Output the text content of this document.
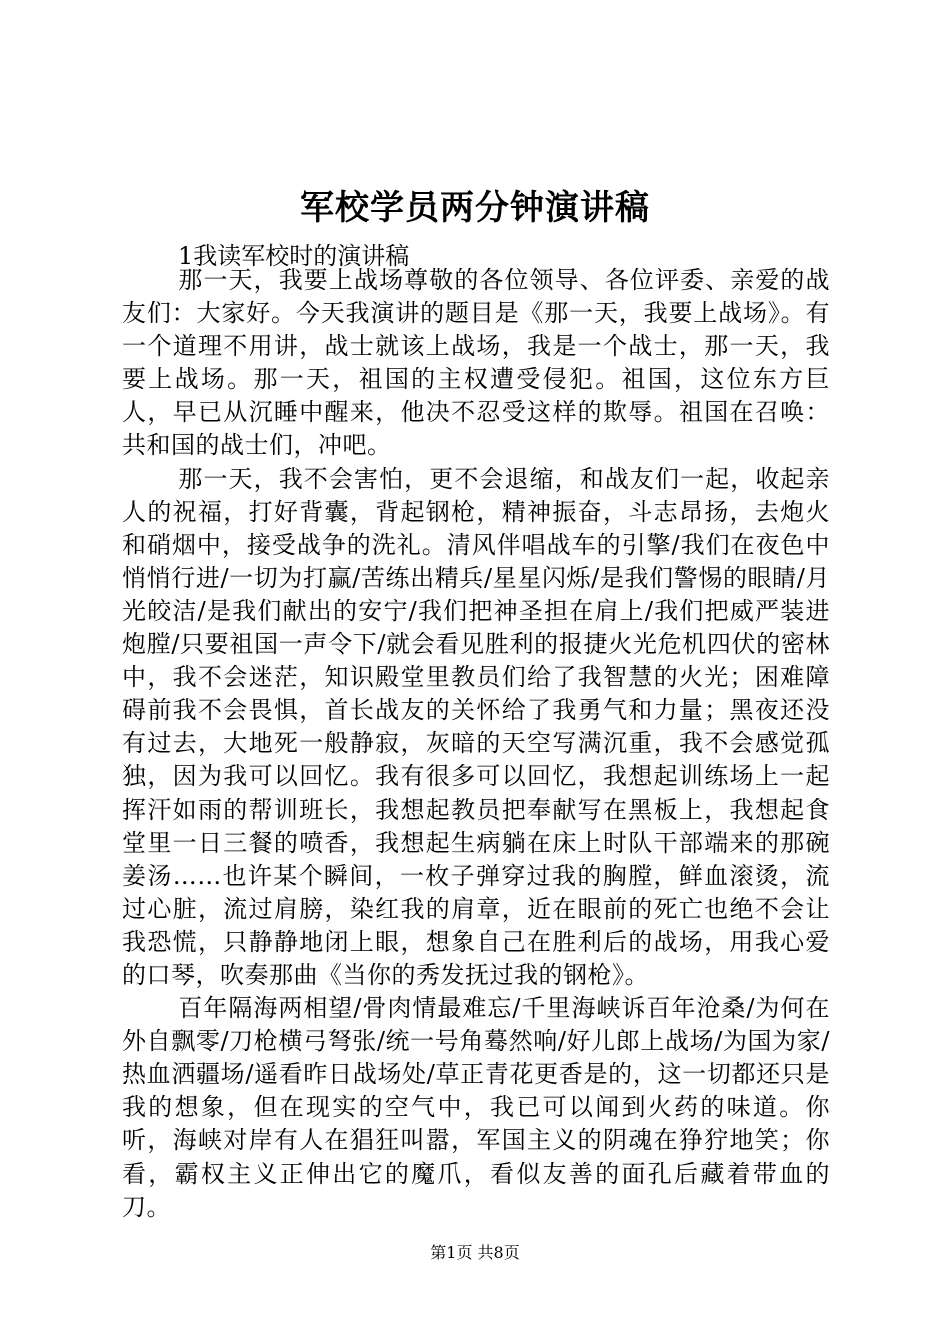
军校学员两分钟演讲稿
1我读军校时的演讲稿

那一天，我要上战场尊敬的各位领导、各位评委、亲爱的战友们：大家好。今天我演讲的题目是《那一天，我要上战场》。有一个道理不用讲，战士就该上战场，我是一个战士，那一天，我要上战场。那一天，祖国的主权遭受侵犯。祖国，这位东方巨人，早已从沉睡中醒来，他决不忍受这样的欺辱。祖国在召唤：共和国的战士们，冲吧。

那一天，我不会害怕，更不会退缩，和战友们一起，收起亲人的祝福，打好背囊，背起钢枪，精神振奋，斗志昂扬，去炮火和硝烟中，接受战争的洗礼。清风伴唱战车的引擎/我们在夜色中悄悄行进/一切为打赢/苦练出精兵/星星闪烁/是我们警惕的眼睛/月光皎洁/是我们献出的安宁/我们把神圣担在肩上/我们把威严装进炮膛/只要祖国一声令下/就会看见胜利的报捷火光危机四伏的密林中，我不会迷茫，知识殿堂里教员们给了我智慧的火光；困难障碍前我不会畏惧，首长战友的关怀给了我勇气和力量；黑夜还没有过去，大地死一般静寂，灰暗的天空写满沉重，我不会感觉孤独，因为我可以回忆。我有很多可以回忆，我想起训练场上一起挥汗如雨的帮训班长，我想起教员把奉献写在黑板上，我想起食堂里一日三餐的喷香，我想起生病躺在床上时队干部端来的那碗姜汤……也许某个瞬间，一枚子弹穿过我的胸膛，鲜血滚烫，流过心脏，流过肩膀，染红我的肩章，近在眼前的死亡也绝不会让我恐慌，只静静地闭上眼，想象自己在胜利后的战场，用我心爱的口琴，吹奏那曲《当你的秀发抚过我的钢枪》。

百年隔海两相望/骨肉情最难忘/千里海峡诉百年沧桑/为何在外自飘零/刀枪横弓弩张/统一号角蓦然响/好儿郎上战场/为国为家/热血洒疆场/遥看昨日战场处/草正青花更香是的，这一切都还只是我的想象，但在现实的空气中，我已可以闻到火药的味道。你听，海峡对岸有人在猖狂叫嚣，军国主义的阴魂在狰狞地笑；你看，霸权主义正伸出它的魔爪，看似友善的面孔后藏着带血的刀。

第1页 共8页
